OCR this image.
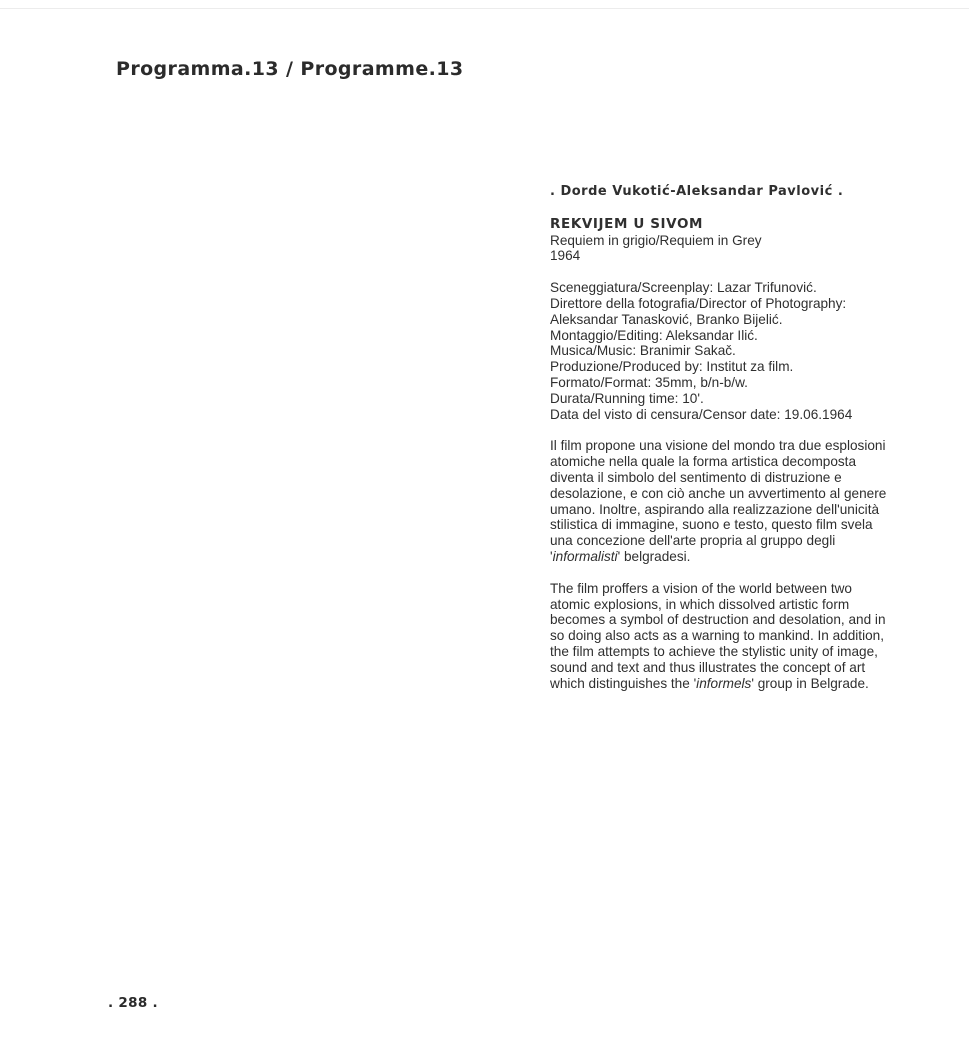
Programma.13 / Programme.13
. Dorde Vukotić-Aleksandar Pavlović .
REKVIJEM U SIVOM
Requiem in grigio/Requiem in Grey
1964
Sceneggiatura/Screenplay: Lazar Trifunović.
Direttore della fotografia/Director of Photography:
Aleksandar Tanasković, Branko Bijelić.
Montaggio/Editing: Aleksandar Ilić.
Musica/Music: Branimir Sakač.
Produzione/Produced by: Institut za film.
Formato/Format: 35mm, b/n-b/w.
Durata/Running time: 10'.
Data del visto di censura/Censor date: 19.06.1964

Il film propone una visione del mondo tra due esplosioni atomiche nella quale la forma artistica decomposta diventa il simbolo del sentimento di distruzione e desolazione, e con ciò anche un avvertimento al genere umano. Inoltre, aspirando alla realizzazione dell'unicità stilistica di immagine, suono e testo, questo film svela una concezione dell'arte propria al gruppo degli 'informalisti' belgradesi.

The film proffers a vision of the world between two atomic explosions, in which dissolved artistic form becomes a symbol of destruction and desolation, and in so doing also acts as a warning to mankind. In addition, the film attempts to achieve the stylistic unity of image, sound and text and thus illustrates the concept of art which distinguishes the 'informels' group in Belgrade.

. 288 .
